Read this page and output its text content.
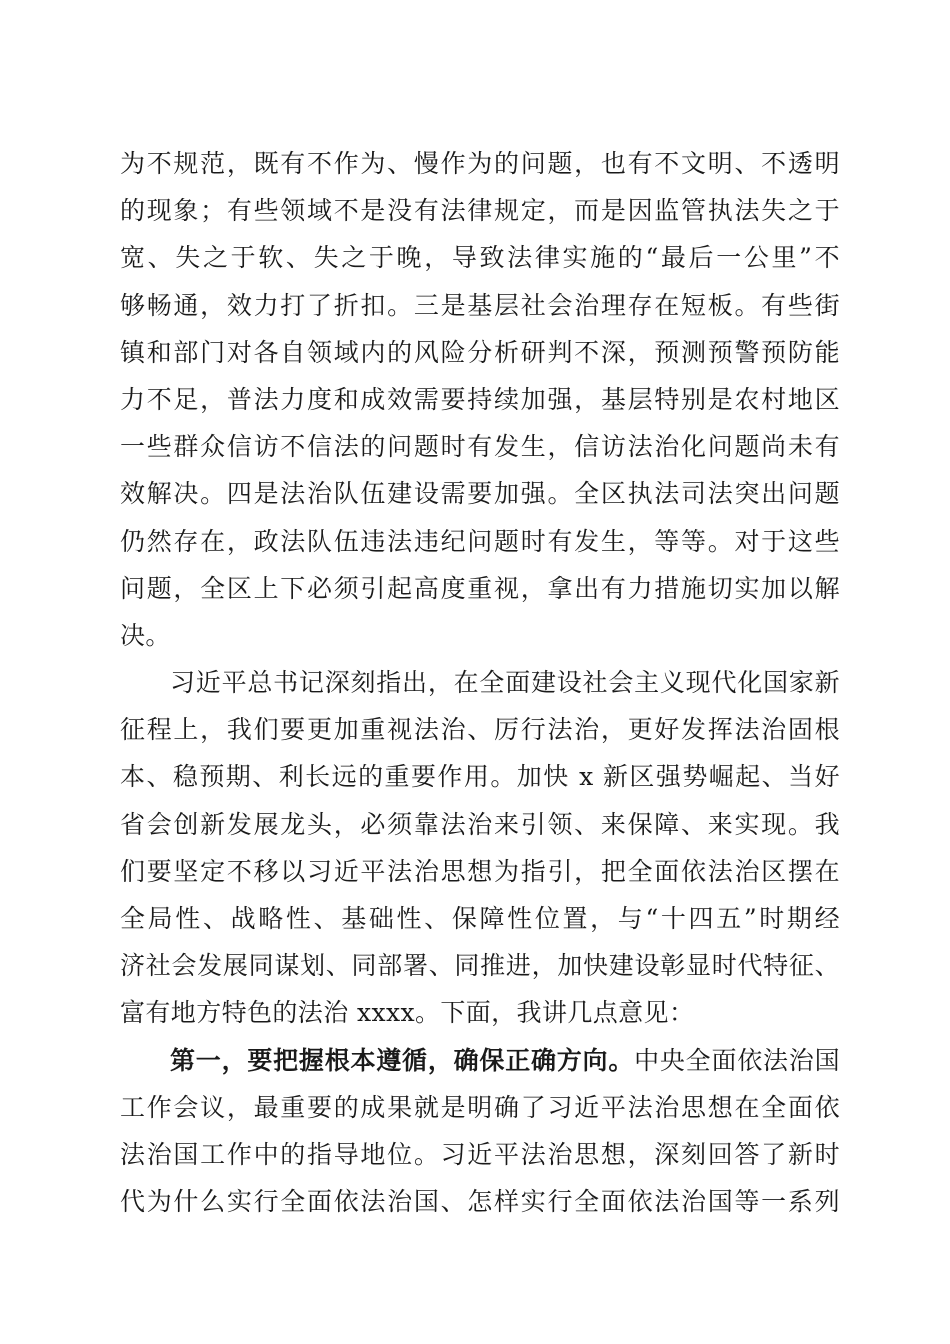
为不规范，既有不作为、慢作为的问题，也有不文明、不透明
的现象；有些领域不是没有法律规定，而是因监管执法失之于
宽、失之于软、失之于晚，导致法律实施的“最后一公里”不
够畅通，效力打了折扣。三是基层社会治理存在短板。有些街
镇和部门对各自领域内的风险分析研判不深，预测预警预防能
力不足，普法力度和成效需要持续加强，基层特别是农村地区
一些群众信访不信法的问题时有发生，信访法治化问题尚未有
效解决。四是法治队伍建设需要加强。全区执法司法突出问题
仍然存在，政法队伍违法违纪问题时有发生，等等。对于这些
问题，全区上下必须引起高度重视，拿出有力措施切实加以解
决。
习近平总书记深刻指出，在全面建设社会主义现代化国家新
征程上，我们要更加重视法治、厉行法治，更好发挥法治固根
本、稳预期、利长远的重要作用。加快 x 新区强势崛起、当好
省会创新发展龙头，必须靠法治来引领、来保障、来实现。我
们要坚定不移以习近平法治思想为指引，把全面依法治区摆在
全局性、战略性、基础性、保障性位置，与“十四五”时期经
济社会发展同谋划、同部署、同推进，加快建设彰显时代特征、
富有地方特色的法治 xxxx。下面，我讲几点意见：
第一，要把握根本遵循，确保正确方向。中央全面依法治国
工作会议，最重要的成果就是明确了习近平法治思想在全面依
法治国工作中的指导地位。习近平法治思想，深刻回答了新时
代为什么实行全面依法治国、怎样实行全面依法治国等一系列
